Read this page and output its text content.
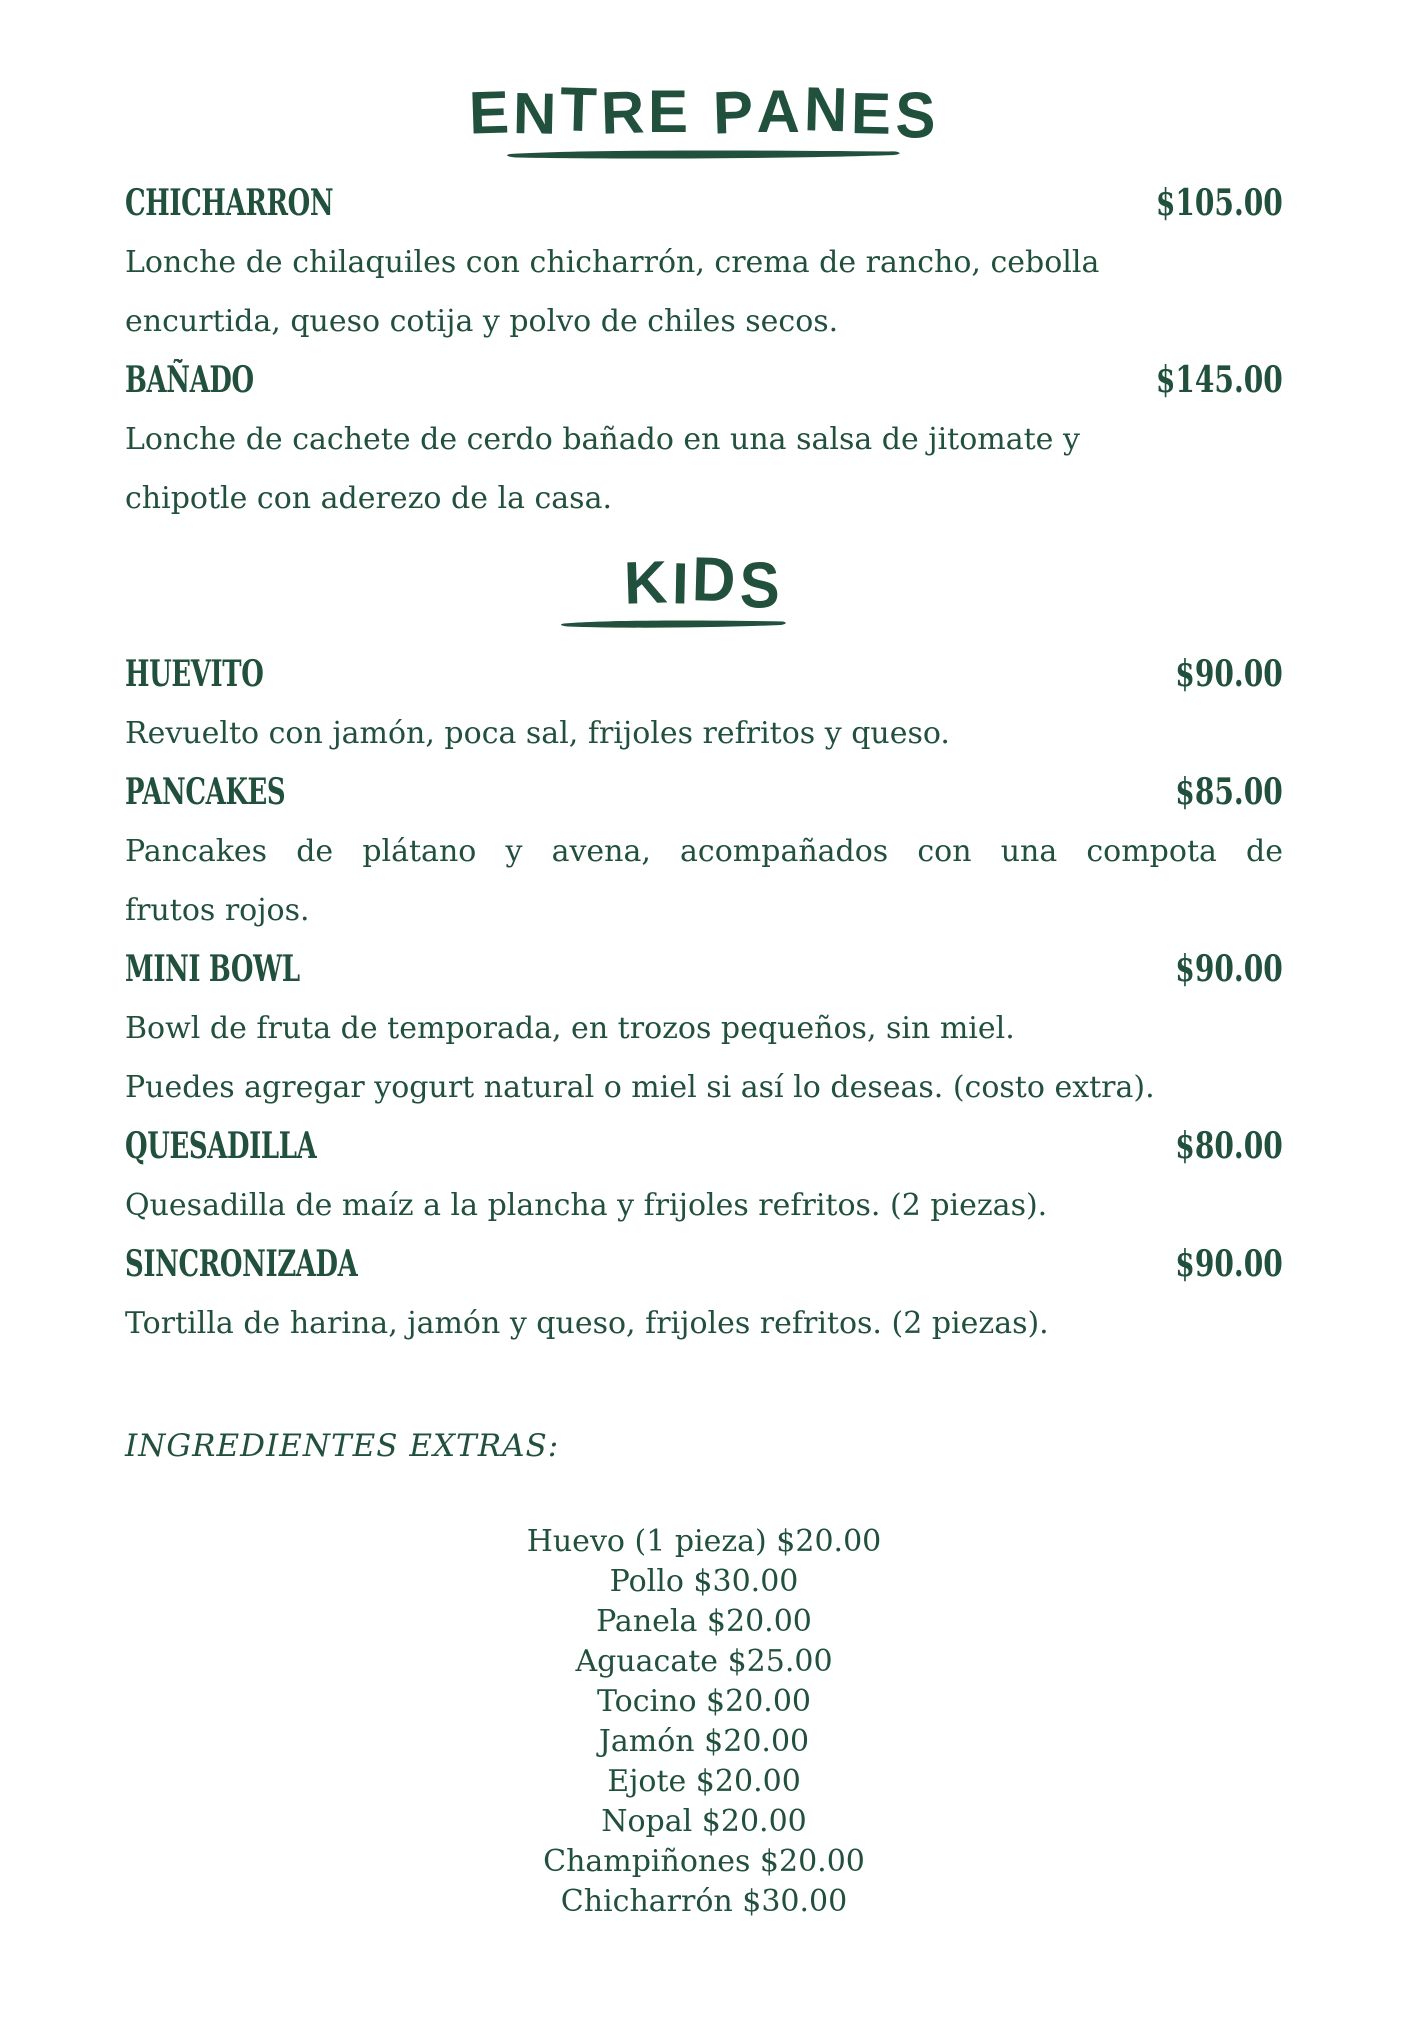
ENTRE PANES
CHICHARRON	$105.00
Lonche de chilaquiles con chicharrón, crema de rancho, cebolla
encurtida, queso cotija y polvo de chiles secos.
BAÑADO	$145.00
Lonche de cachete de cerdo bañado en una salsa de jitomate y
chipotle con aderezo de la casa.
KIDS
HUEVITO	$90.00
Revuelto con jamón, poca sal, frijoles refritos y queso.
PANCAKES	$85.00
Pancakes de plátano y avena, acompañados con una compota de
frutos rojos.
MINI BOWL	$90.00
Bowl de fruta de temporada, en trozos pequeños, sin miel.
Puedes agregar yogurt natural o miel si así lo deseas. (costo extra).
QUESADILLA	$80.00
Quesadilla de maíz a la plancha y frijoles refritos. (2 piezas).
SINCRONIZADA	$90.00
Tortilla de harina, jamón y queso, frijoles refritos. (2 piezas).
INGREDIENTES EXTRAS:
Huevo (1 pieza) $20.00
Pollo $30.00
Panela $20.00
Aguacate $25.00
Tocino $20.00
Jamón $20.00
Ejote $20.00
Nopal $20.00
Champiñones $20.00
Chicharrón $30.00
